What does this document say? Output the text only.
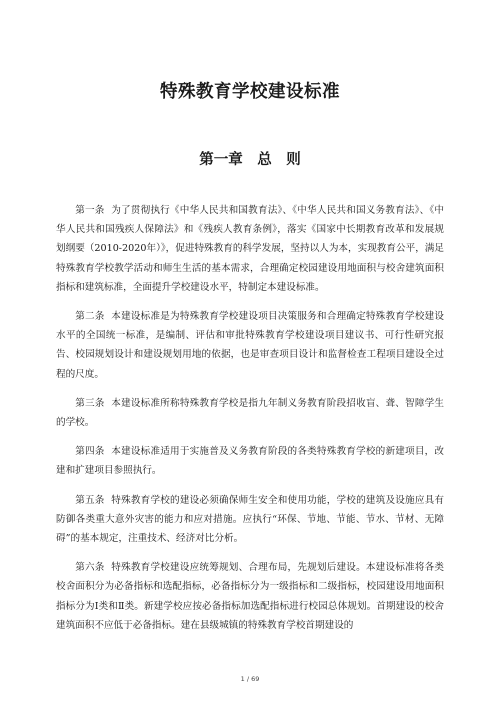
特殊教育学校建设标准
第一章　总　则

第一条 为了贯彻执行《中华人民共和国教育法》、《中华人民共和国义务教育法》、《中华人民共和国残疾人保障法》和《残疾人教育条例》，落实《国家中长期教育改革和发展规划纲要（2010-2020年）》，促进特殊教育的科学发展，坚持以人为本，实现教育公平，满足特殊教育学校教学活动和师生生活的基本需求，合理确定校园建设用地面积与校舍建筑面积指标和建筑标准，全面提升学校建设水平，特制定本建设标准。

第二条 本建设标准是为特殊教育学校建设项目决策服务和合理确定特殊教育学校建设水平的全国统一标准，是编制、评估和审批特殊教育学校建设项目建议书、可行性研究报告、校园规划设计和建设规划用地的依据，也是审查项目设计和监督检查工程项目建设全过程的尺度。

第三条 本建设标准所称特殊教育学校是指九年制义务教育阶段招收盲、聋、智障学生的学校。

第四条 本建设标准适用于实施普及义务教育阶段的各类特殊教育学校的新建项目，改建和扩建项目参照执行。

第五条 特殊教育学校的建设必须确保师生安全和使用功能，学校的建筑及设施应具有防御各类重大意外灾害的能力和应对措施。应执行“环保、节地、节能、节水、节材、无障碍”的基本规定，注重技术、经济对比分析。

第六条 特殊教育学校建设应统筹规划、合理布局，先规划后建设。本建设标准将各类校舍面积分为必备指标和选配指标，必备指标分为一级指标和二级指标，校园建设用地面积指标分为Ⅰ类和Ⅱ类。新建学校应按必备指标加选配指标进行校园总体规划。首期建设的校舍建筑面积不应低于必备指标。建在县级城镇的特殊教育学校首期建设的

1 / 69
